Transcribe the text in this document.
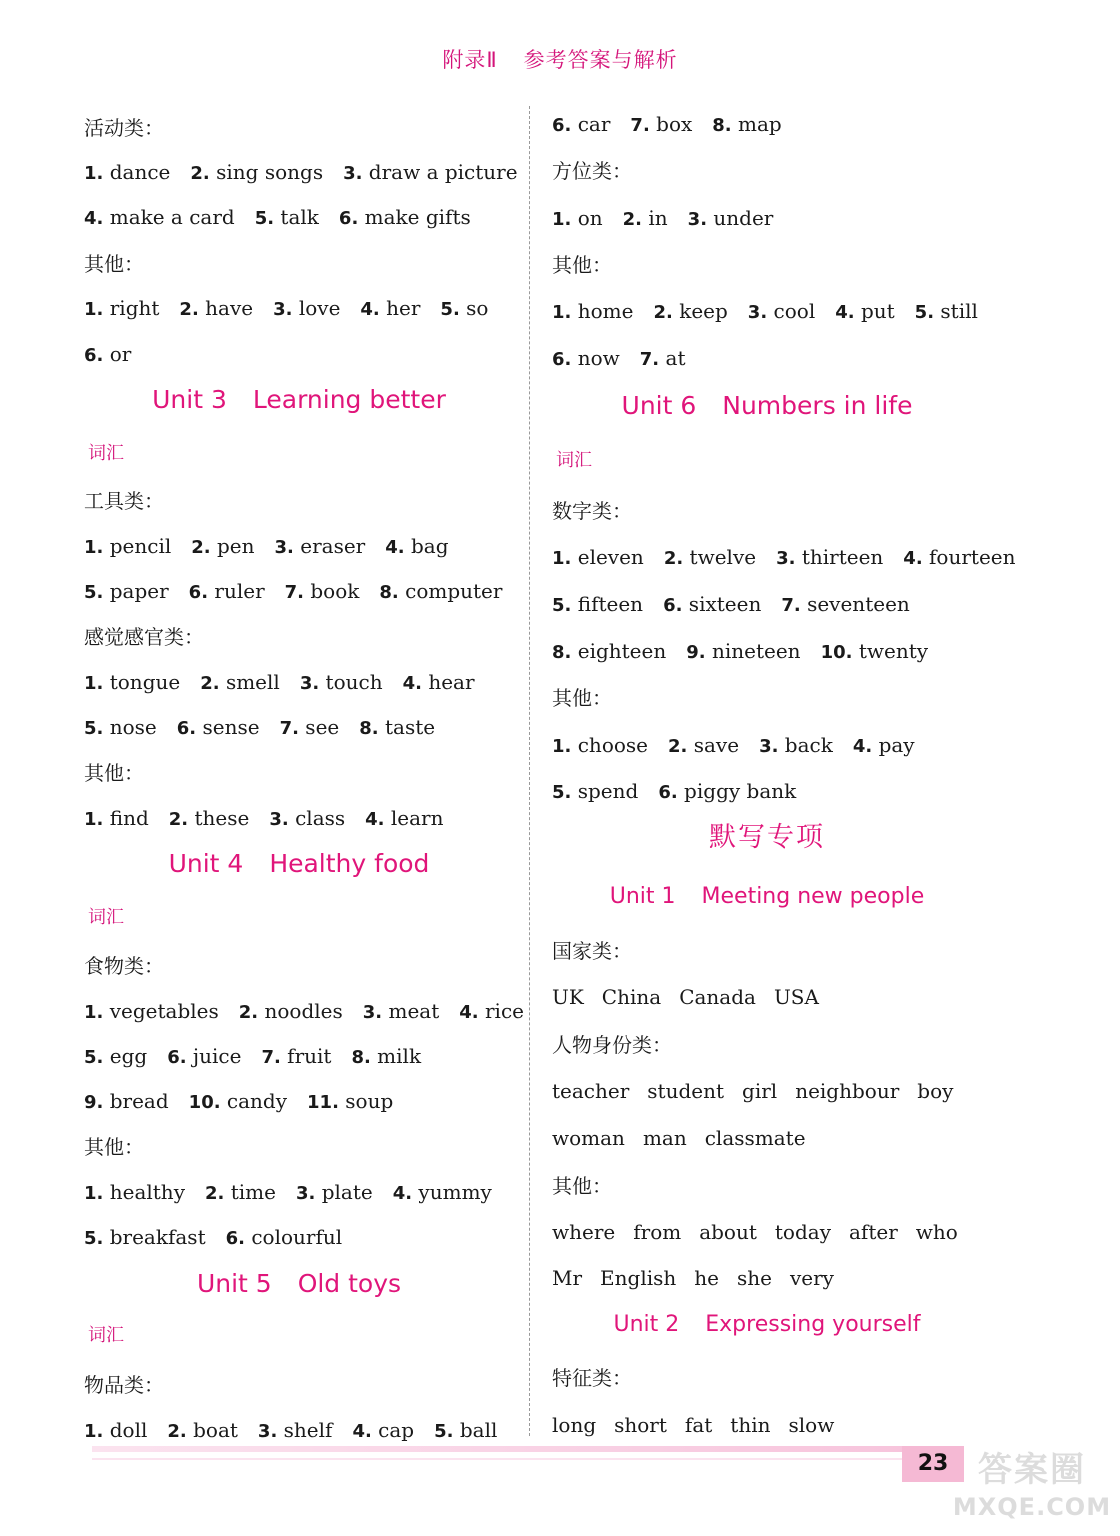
附录Ⅱ 参考答案与解析
活动类：
1. dance 2. sing songs 3. draw a picture
4. make a card 5. talk 6. make gifts
其他：
1. right 2. have 3. love 4. her 5. so
6. or
Unit 3 Learning better
词汇
工具类：
1. pencil 2. pen 3. eraser 4. bag
5. paper 6. ruler 7. book 8. computer
感觉感官类：
1. tongue 2. smell 3. touch 4. hear
5. nose 6. sense 7. see 8. taste
其他：
1. find 2. these 3. class 4. learn
Unit 4 Healthy food
词汇
食物类：
1. vegetables 2. noodles 3. meat 4. rice
5. egg 6. juice 7. fruit 8. milk
9. bread 10. candy 11. soup
其他：
1. healthy 2. time 3. plate 4. yummy
5. breakfast 6. colourful
Unit 5 Old toys
词汇
物品类：
1. doll 2. boat 3. shelf 4. cap 5. ball
6. car 7. box 8. map
方位类：
1. on 2. in 3. under
其他：
1. home 2. keep 3. cool 4. put 5. still
6. now 7. at
Unit 6 Numbers in life
词汇
数字类：
1. eleven 2. twelve 3. thirteen 4. fourteen
5. fifteen 6. sixteen 7. seventeen
8. eighteen 9. nineteen 10. twenty
其他：
1. choose 2. save 3. back 4. pay
5. spend 6. piggy bank
默写专项
Unit 1 Meeting new people
国家类：
UK China Canada USA
人物身份类：
teacher student girl neighbour boy
woman man classmate
其他：
where from about today after who
Mr English he she very
Unit 2 Expressing yourself
特征类：
long short fat thin slow
23 答案圈
MXQE.COM
